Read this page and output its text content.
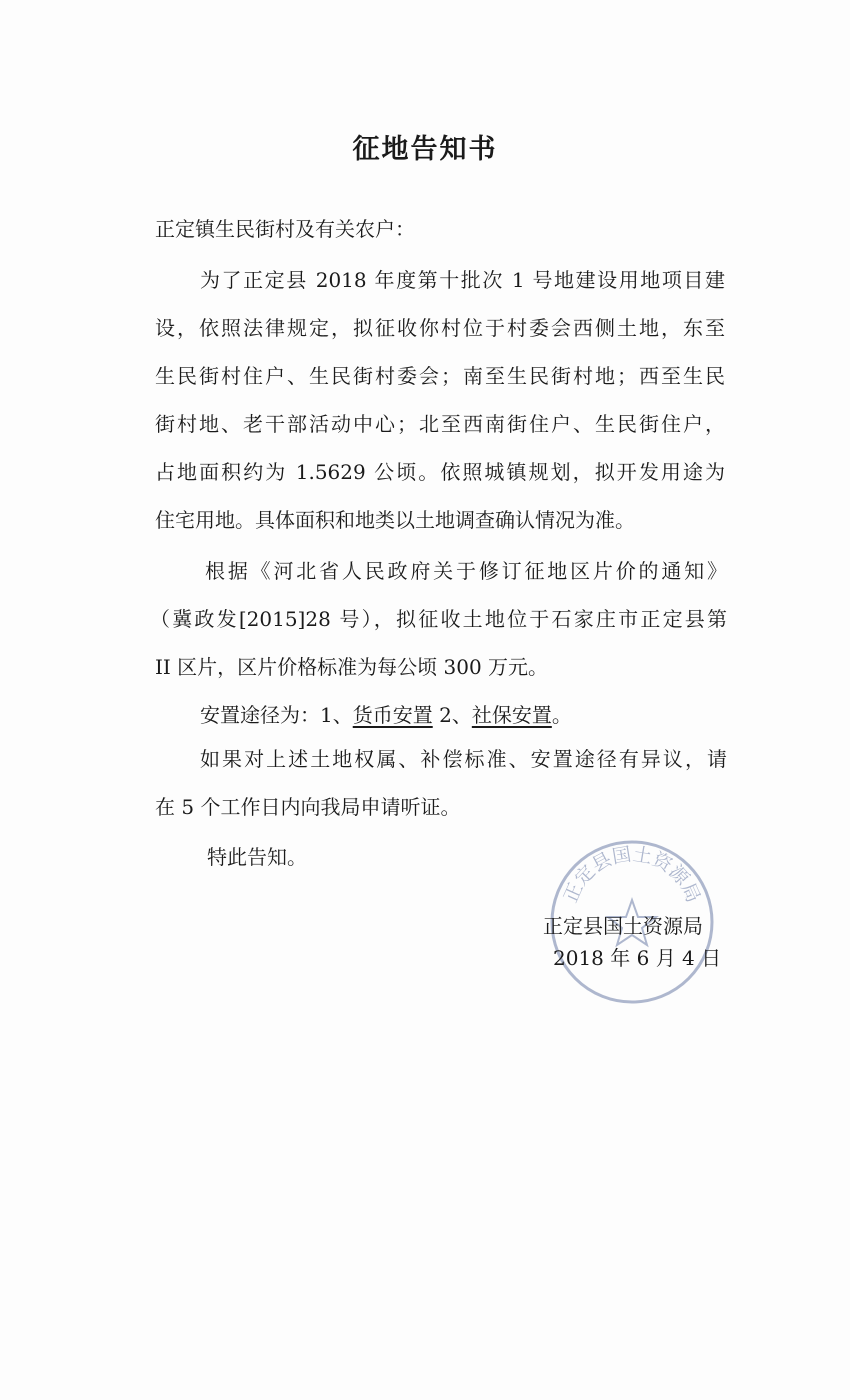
征地告知书
正定镇生民街村及有关农户：
为了正定县 2018 年度第十批次 1 号地建设用地项目建
设，依照法律规定，拟征收你村位于村委会西侧土地，东至
生民街村住户、生民街村委会；南至生民街村地；西至生民
街村地、老干部活动中心；北至西南街住户、生民街住户，
占地面积约为 1.5629 公顷。依照城镇规划，拟开发用途为
住宅用地。具体面积和地类以土地调查确认情况为准。
根据《河北省人民政府关于修订征地区片价的通知》
（冀政发[2015]28 号），拟征收土地位于石家庄市正定县第
II 区片，区片价格标准为每公顷 300 万元。
安置途径为：1、货币安置 2、社保安置。
如果对上述土地权属、补偿标准、安置途径有异议，请
在 5 个工作日内向我局申请听证。
特此告知。
正定县国土资源局
正定县国土资源局
2018 年 6 月 4 日
